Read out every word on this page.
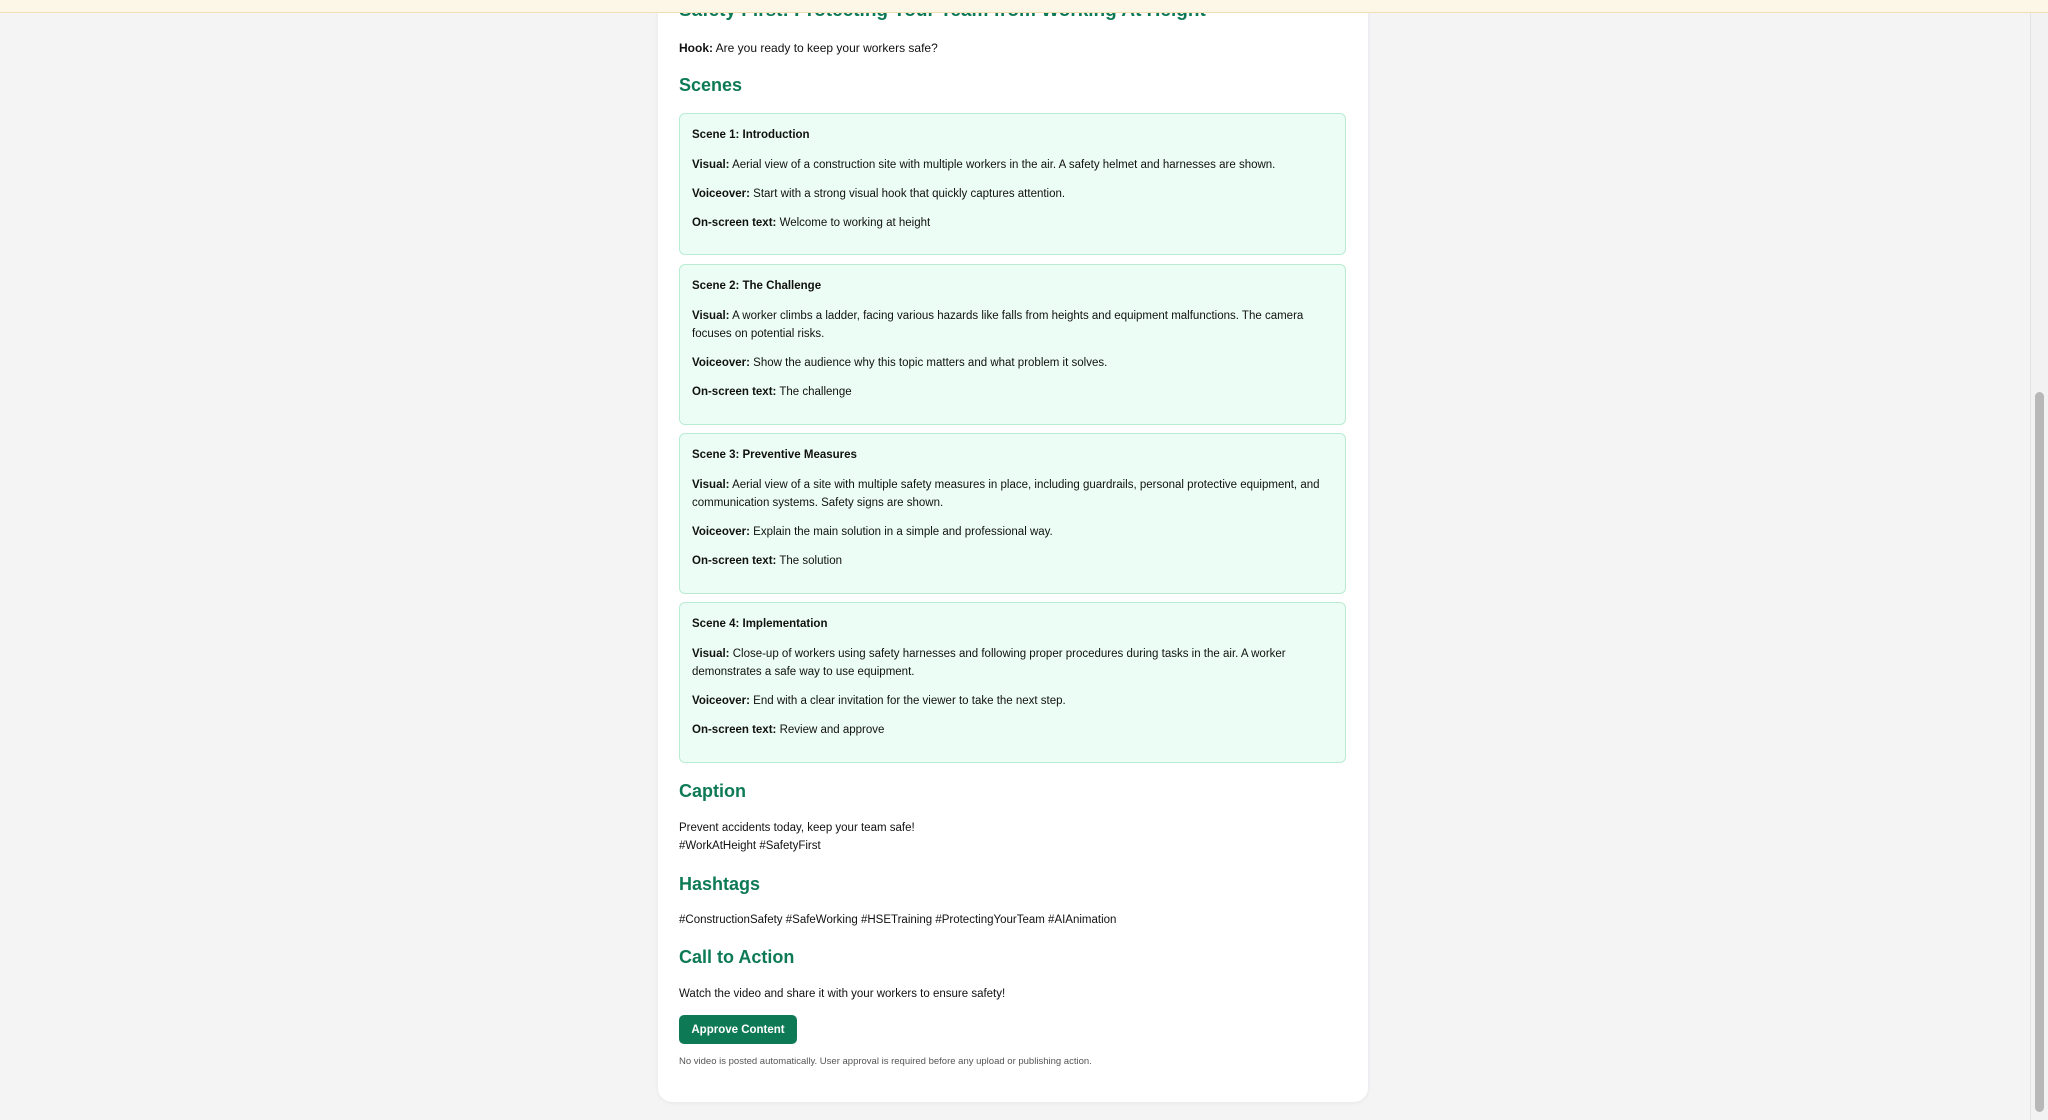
Hook: Are you ready to keep your workers safe?
Scenes
Scene 1: Introduction

Visual: Aerial view of a construction site with multiple workers in the air. A safety helmet and harnesses are shown.

Voiceover: Start with a strong visual hook that quickly captures attention.

On-screen text: Welcome to working at height

Scene 2: The Challenge

Visual: A worker climbs a ladder, facing various hazards like falls from heights and equipment malfunctions. The camera focuses on potential risks.

Voiceover: Show the audience why this topic matters and what problem it solves.

On-screen text: The challenge

Scene 3: Preventive Measures

Visual: Aerial view of a site with multiple safety measures in place, including guardrails, personal protective equipment, and communication systems. Safety signs are shown.

Voiceover: Explain the main solution in a simple and professional way.

On-screen text: The solution

Scene 4: Implementation

Visual: Close-up of workers using safety harnesses and following proper procedures during tasks in the air. A worker demonstrates a safe way to use equipment.

Voiceover: End with a clear invitation for the viewer to take the next step.

On-screen text: Review and approve

Caption
Prevent accidents today, keep your team safe!
#WorkAtHeight #SafetyFirst
Hashtags
#ConstructionSafety #SafeWorking #HSETraining #ProtectingYourTeam #AIAnimation
Call to Action
Watch the video and share it with your workers to ensure safety!
Approve Content
No video is posted automatically. User approval is required before any upload or publishing action.
